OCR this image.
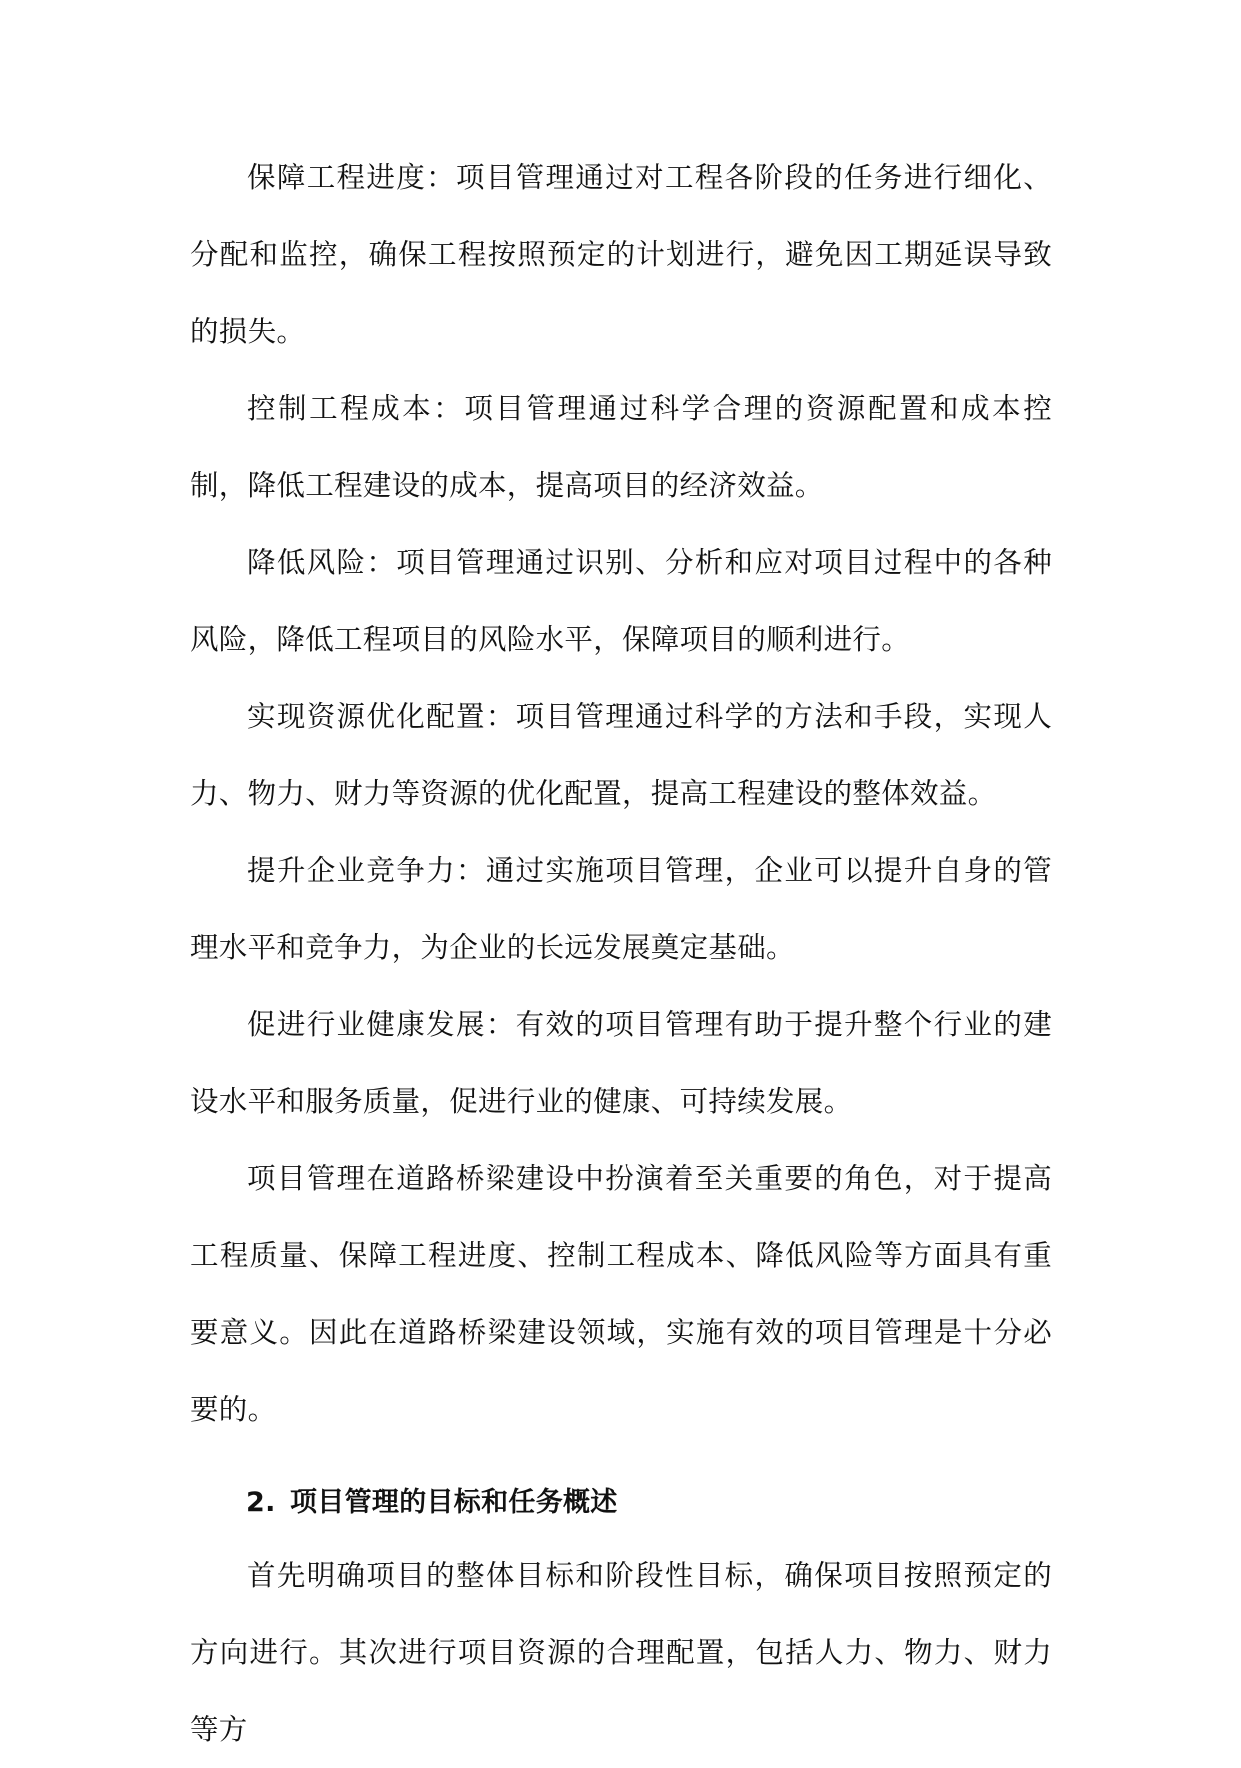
保障工程进度：项目管理通过对工程各阶段的任务进行细化、分配和监控，确保工程按照预定的计划进行，避免因工期延误导致的损失。

控制工程成本：项目管理通过科学合理的资源配置和成本控制，降低工程建设的成本，提高项目的经济效益。

降低风险：项目管理通过识别、分析和应对项目过程中的各种风险，降低工程项目的风险水平，保障项目的顺利进行。

实现资源优化配置：项目管理通过科学的方法和手段，实现人力、物力、财力等资源的优化配置，提高工程建设的整体效益。

提升企业竞争力：通过实施项目管理，企业可以提升自身的管理水平和竞争力，为企业的长远发展奠定基础。

促进行业健康发展：有效的项目管理有助于提升整个行业的建设水平和服务质量，促进行业的健康、可持续发展。

项目管理在道路桥梁建设中扮演着至关重要的角色，对于提高工程质量、保障工程进度、控制工程成本、降低风险等方面具有重要意义。因此在道路桥梁建设领域，实施有效的项目管理是十分必要的。

2. 项目管理的目标和任务概述

首先明确项目的整体目标和阶段性目标，确保项目按照预定的方向进行。其次进行项目资源的合理配置，包括人力、物力、财力等方
